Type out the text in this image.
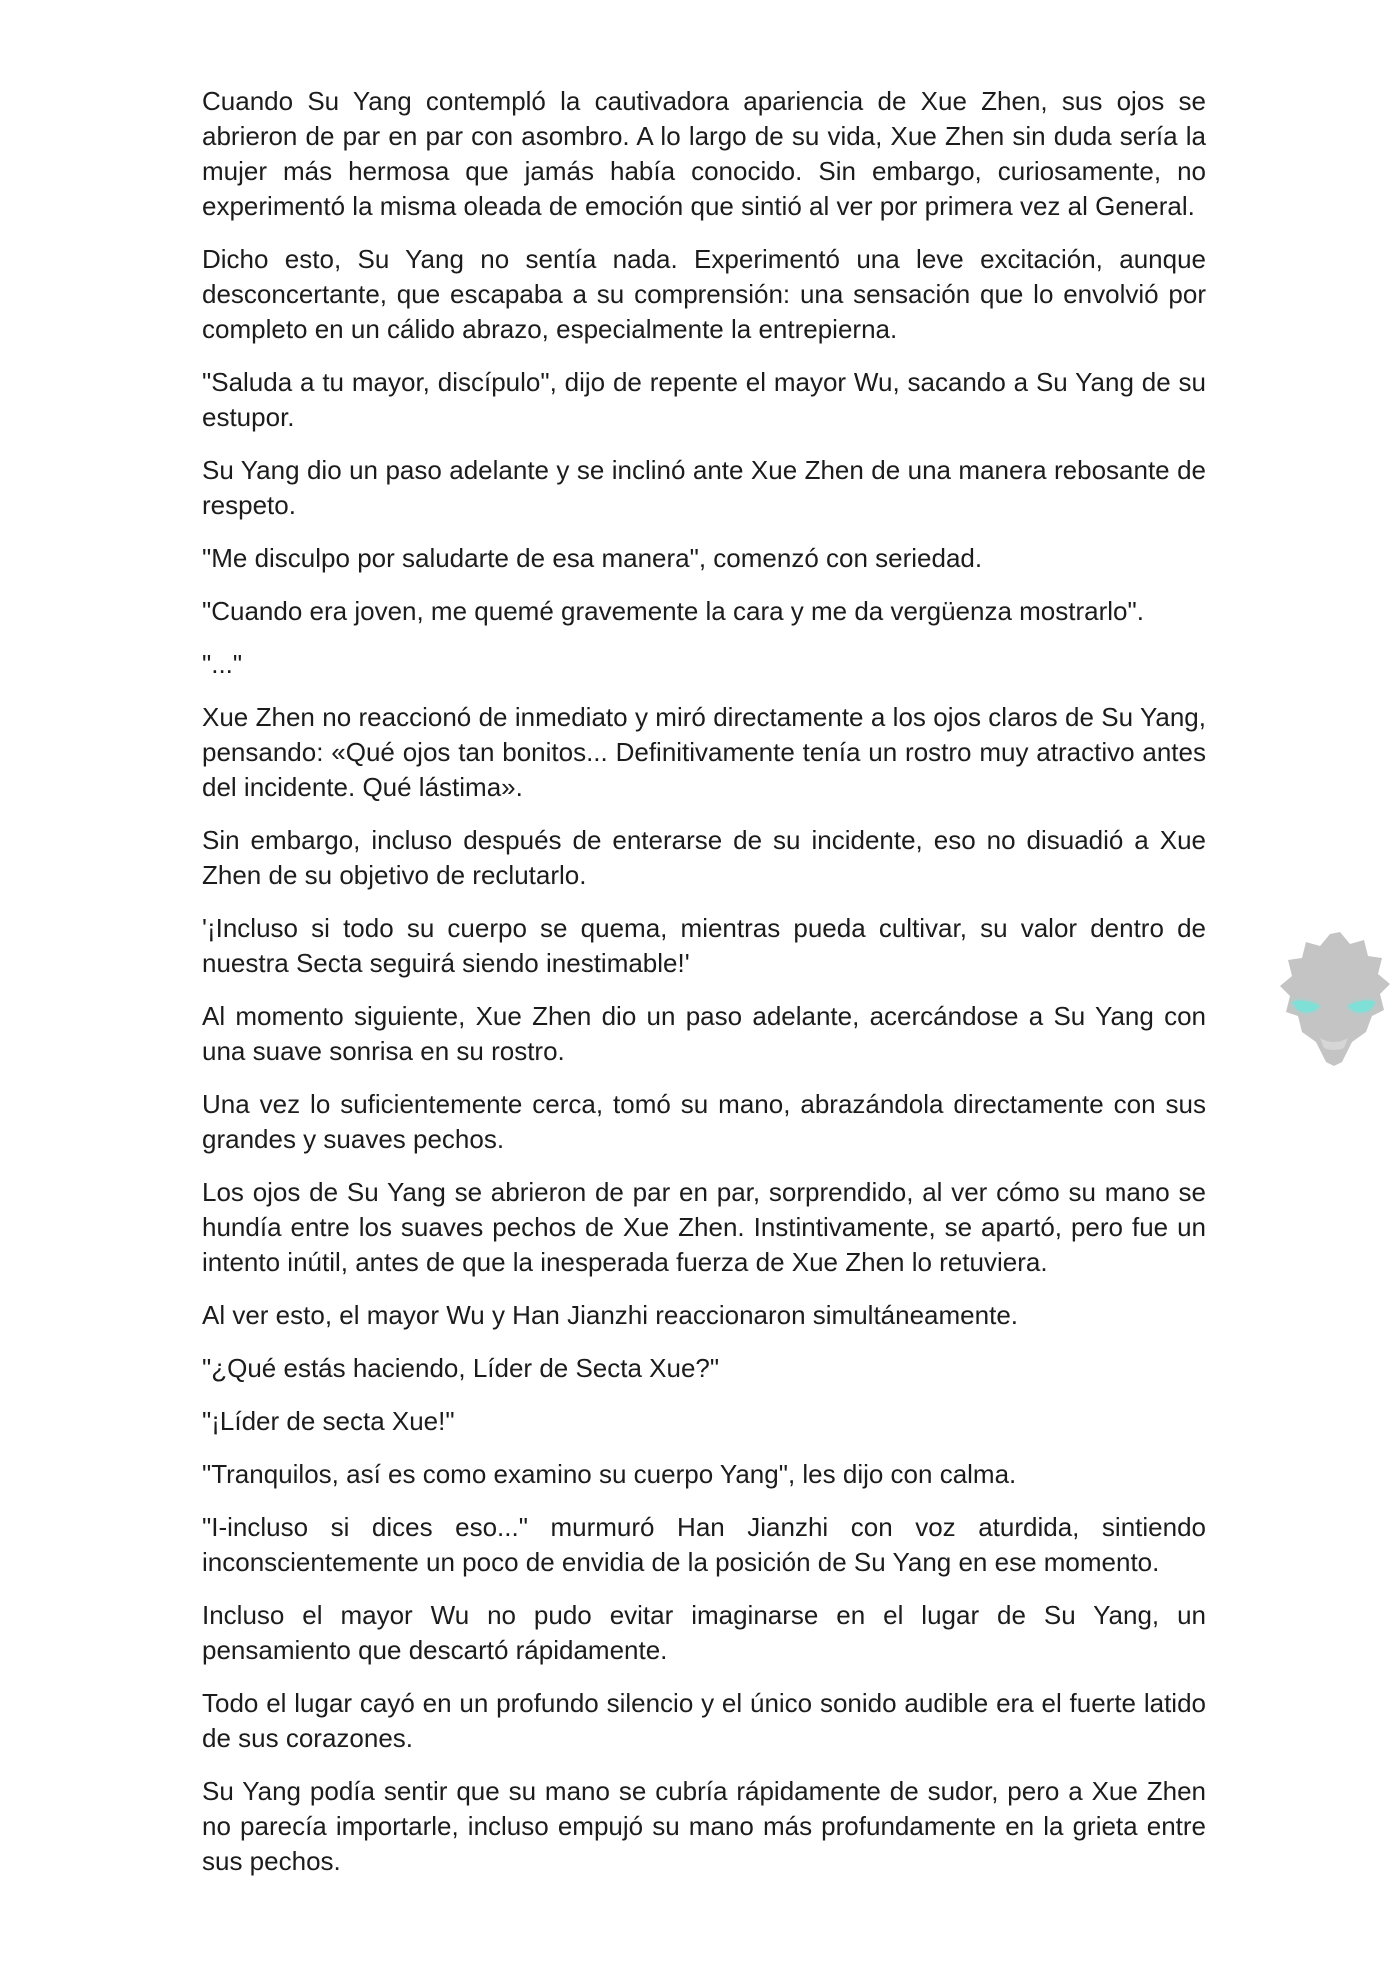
Cuando Su Yang contempló la cautivadora apariencia de Xue Zhen, sus ojos se abrieron de par en par con asombro. A lo largo de su vida, Xue Zhen sin duda sería la mujer más hermosa que jamás había conocido. Sin embargo, curiosamente, no experimentó la misma oleada de emoción que sintió al ver por primera vez al General.

Dicho esto, Su Yang no sentía nada. Experimentó una leve excitación, aunque desconcertante, que escapaba a su comprensión: una sensación que lo envolvió por completo en un cálido abrazo, especialmente la entrepierna.

"Saluda a tu mayor, discípulo", dijo de repente el mayor Wu, sacando a Su Yang de su estupor.

Su Yang dio un paso adelante y se inclinó ante Xue Zhen de una manera rebosante de respeto.

"Me disculpo por saludarte de esa manera", comenzó con seriedad.

"Cuando era joven, me quemé gravemente la cara y me da vergüenza mostrarlo".

"..."

Xue Zhen no reaccionó de inmediato y miró directamente a los ojos claros de Su Yang, pensando: «Qué ojos tan bonitos... Definitivamente tenía un rostro muy atractivo antes del incidente. Qué lástima».

Sin embargo, incluso después de enterarse de su incidente, eso no disuadió a Xue Zhen de su objetivo de reclutarlo.

'¡Incluso si todo su cuerpo se quema, mientras pueda cultivar, su valor dentro de nuestra Secta seguirá siendo inestimable!'

Al momento siguiente, Xue Zhen dio un paso adelante, acercándose a Su Yang con una suave sonrisa en su rostro.

Una vez lo suficientemente cerca, tomó su mano, abrazándola directamente con sus grandes y suaves pechos.

Los ojos de Su Yang se abrieron de par en par, sorprendido, al ver cómo su mano se hundía entre los suaves pechos de Xue Zhen. Instintivamente, se apartó, pero fue un intento inútil, antes de que la inesperada fuerza de Xue Zhen lo retuviera.

Al ver esto, el mayor Wu y Han Jianzhi reaccionaron simultáneamente.

"¿Qué estás haciendo, Líder de Secta Xue?"

"¡Líder de secta Xue!"

"Tranquilos, así es como examino su cuerpo Yang", les dijo con calma.

"I-incluso si dices eso..." murmuró Han Jianzhi con voz aturdida, sintiendo inconscientemente un poco de envidia de la posición de Su Yang en ese momento.

Incluso el mayor Wu no pudo evitar imaginarse en el lugar de Su Yang, un pensamiento que descartó rápidamente.

Todo el lugar cayó en un profundo silencio y el único sonido audible era el fuerte latido de sus corazones.

Su Yang podía sentir que su mano se cubría rápidamente de sudor, pero a Xue Zhen no parecía importarle, incluso empujó su mano más profundamente en la grieta entre sus pechos.
